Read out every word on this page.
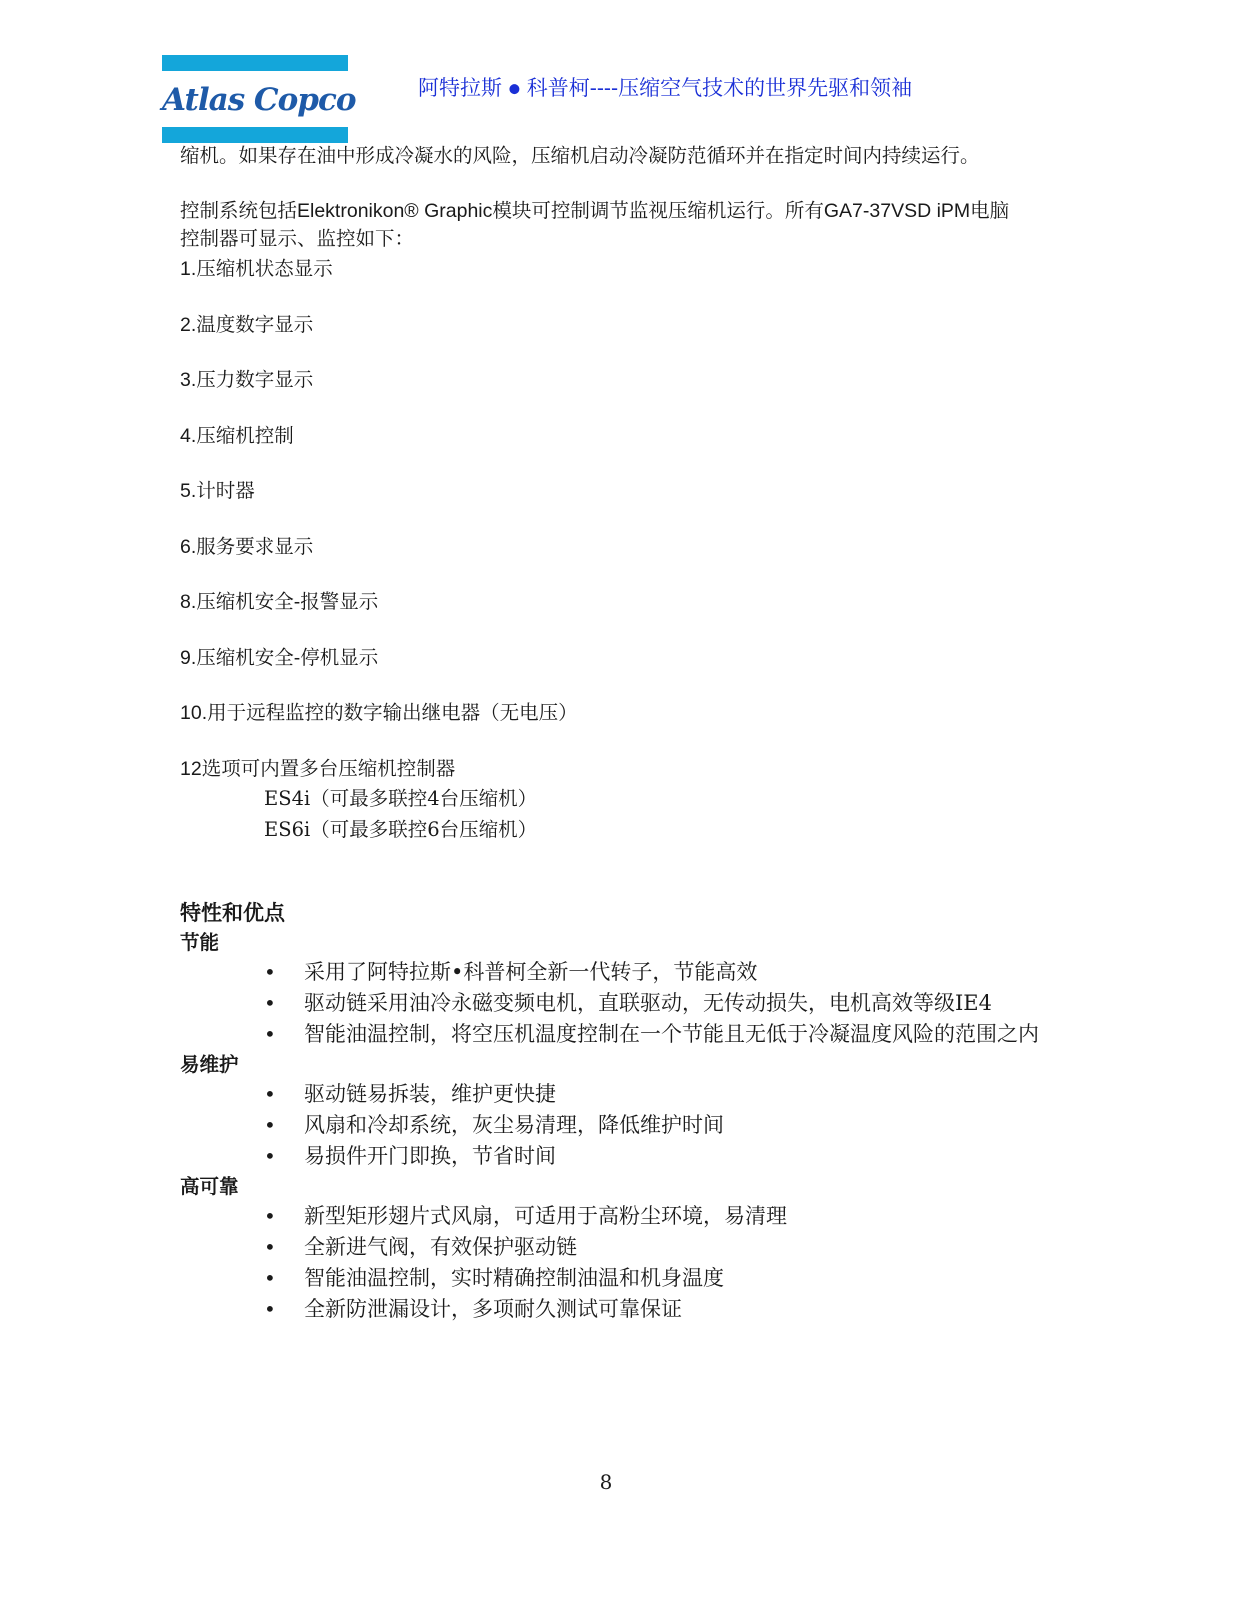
Atlas Copco	阿特拉斯 ● 科普柯----压缩空气技术的世界先驱和领袖

缩机。如果存在油中形成冷凝水的风险，压缩机启动冷凝防范循环并在指定时间内持续运行。

控制系统包括Elektronikon® Graphic模块可控制调节监视压缩机运行。所有GA7-37VSD iPM电脑控制器可显示、监控如下：

1.压缩机状态显示

2.温度数字显示

3.压力数字显示

4.压缩机控制

5.计时器

6.服务要求显示

8.压缩机安全-报警显示

9.压缩机安全-停机显示

10.用于远程监控的数字输出继电器（无电压）

12选项可内置多台压缩机控制器

ES4i（可最多联控4台压缩机）

ES6i（可最多联控6台压缩机）

特性和优点

节能

• 采用了阿特拉斯•科普柯全新一代转子，节能高效
• 驱动链采用油冷永磁变频电机，直联驱动，无传动损失，电机高效等级IE4
• 智能油温控制，将空压机温度控制在一个节能且无低于冷凝温度风险的范围之内

易维护

• 驱动链易拆装，维护更快捷
• 风扇和冷却系统，灰尘易清理，降低维护时间
• 易损件开门即换，节省时间

高可靠

• 新型矩形翅片式风扇，可适用于高粉尘环境，易清理
• 全新进气阀，有效保护驱动链
• 智能油温控制，实时精确控制油温和机身温度
• 全新防泄漏设计，多项耐久测试可靠保证
8
